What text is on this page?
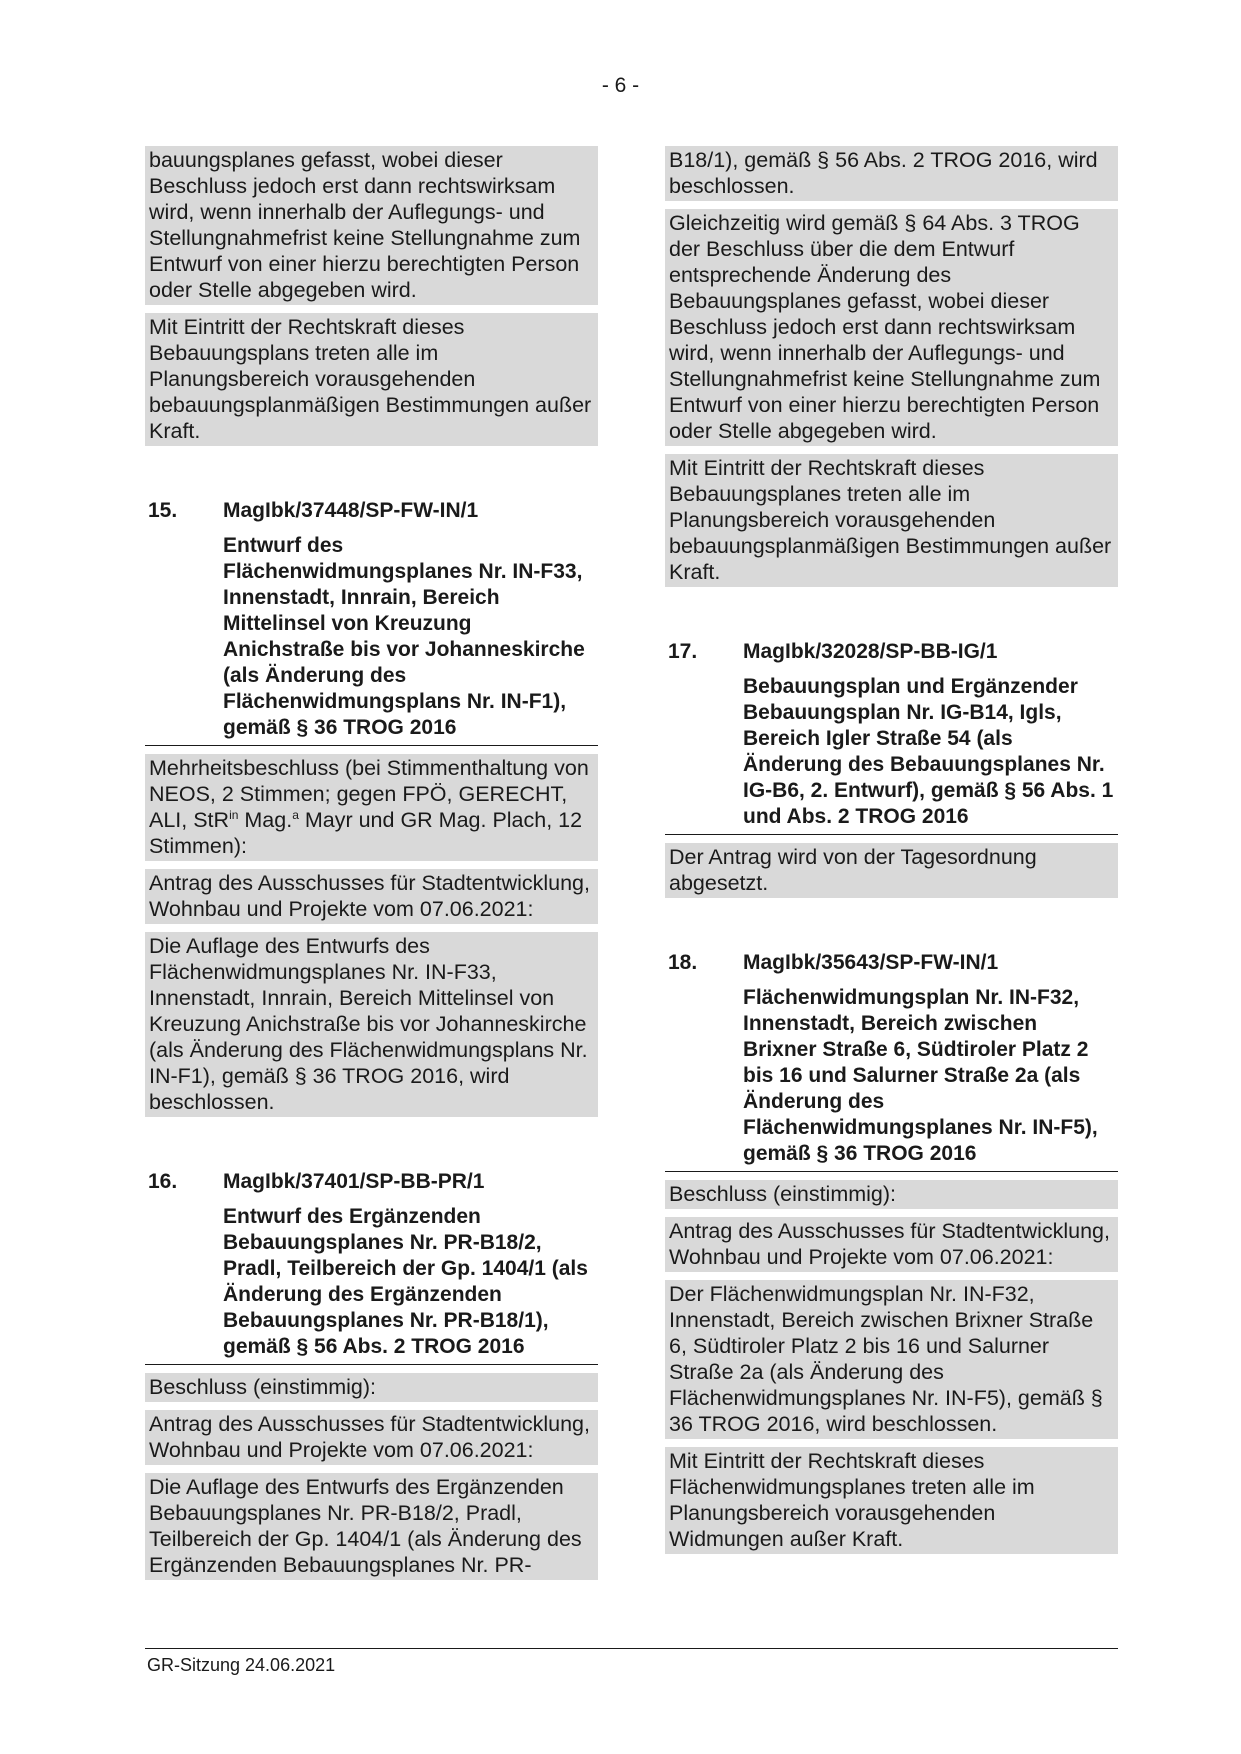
- 6 -
bauungsplanes gefasst, wobei dieser Beschluss jedoch erst dann rechtswirksam wird, wenn innerhalb der Auflegungs- und Stellungnahmefrist keine Stellungnahme zum Entwurf von einer hierzu berechtigten Person oder Stelle abgegeben wird.
Mit Eintritt der Rechtskraft dieses Bebauungsplans treten alle im Planungsbereich vorausgehenden bebauungsplanmäßigen Bestimmungen außer Kraft.
15.	MagIbk/37448/SP-FW-IN/1
Entwurf des Flächenwidmungsplanes Nr. IN-F33, Innenstadt, Innrain, Bereich Mittelinsel von Kreuzung Anichstraße bis vor Johanneskirche (als Änderung des Flächenwidmungsplans Nr. IN-F1), gemäß § 36 TROG 2016
Mehrheitsbeschluss (bei Stimmenthaltung von NEOS, 2 Stimmen; gegen FPÖ, GERECHT, ALI, StR$^{in}$ Mag.$^a$ Mayr und GR Mag. Plach, 12 Stimmen):
Antrag des Ausschusses für Stadtentwicklung, Wohnbau und Projekte vom 07.06.2021:
Die Auflage des Entwurfs des Flächenwidmungsplanes Nr. IN-F33, Innenstadt, Innrain, Bereich Mittelinsel von Kreuzung Anichstraße bis vor Johanneskirche (als Änderung des Flächenwidmungsplans Nr. IN-F1), gemäß § 36 TROG 2016, wird beschlossen.
16.	MagIbk/37401/SP-BB-PR/1
Entwurf des Ergänzenden Bebauungsplanes Nr. PR-B18/2, Pradl, Teilbereich der Gp. 1404/1 (als Änderung des Ergänzenden Bebauungsplanes Nr. PR-B18/1), gemäß § 56 Abs. 2 TROG 2016
Beschluss (einstimmig):
Antrag des Ausschusses für Stadtentwicklung, Wohnbau und Projekte vom 07.06.2021:
Die Auflage des Entwurfs des Ergänzenden Bebauungsplanes Nr. PR-B18/2, Pradl, Teilbereich der Gp. 1404/1 (als Änderung des Ergänzenden Bebauungsplanes Nr. PR-
B18/1), gemäß § 56 Abs. 2 TROG 2016, wird beschlossen.
Gleichzeitig wird gemäß § 64 Abs. 3 TROG der Beschluss über die dem Entwurf entsprechende Änderung des Bebauungsplanes gefasst, wobei dieser Beschluss jedoch erst dann rechtswirksam wird, wenn innerhalb der Auflegungs- und Stellungnahmefrist keine Stellungnahme zum Entwurf von einer hierzu berechtigten Person oder Stelle abgegeben wird.
Mit Eintritt der Rechtskraft dieses Bebauungsplanes treten alle im Planungsbereich vorausgehenden bebauungsplanmäßigen Bestimmungen außer Kraft.
17.	MagIbk/32028/SP-BB-IG/1
Bebauungsplan und Ergänzender Bebauungsplan Nr. IG-B14, Igls, Bereich Igler Straße 54 (als Änderung des Bebauungsplanes Nr. IG-B6, 2. Entwurf), gemäß § 56 Abs. 1 und Abs. 2 TROG 2016
Der Antrag wird von der Tagesordnung abgesetzt.
18.	MagIbk/35643/SP-FW-IN/1
Flächenwidmungsplan Nr. IN-F32, Innenstadt, Bereich zwischen Brixner Straße 6, Südtiroler Platz 2 bis 16 und Salurner Straße 2a (als Änderung des Flächenwidmungsplanes Nr. IN-F5), gemäß § 36 TROG 2016
Beschluss (einstimmig):
Antrag des Ausschusses für Stadtentwicklung, Wohnbau und Projekte vom 07.06.2021:
Der Flächenwidmungsplan Nr. IN-F32, Innenstadt, Bereich zwischen Brixner Straße 6, Südtiroler Platz 2 bis 16 und Salurner Straße 2a (als Änderung des Flächenwidmungsplanes Nr. IN-F5), gemäß § 36 TROG 2016, wird beschlossen.
Mit Eintritt der Rechtskraft dieses Flächenwidmungsplanes treten alle im Planungsbereich vorausgehenden Widmungen außer Kraft.
GR-Sitzung 24.06.2021
